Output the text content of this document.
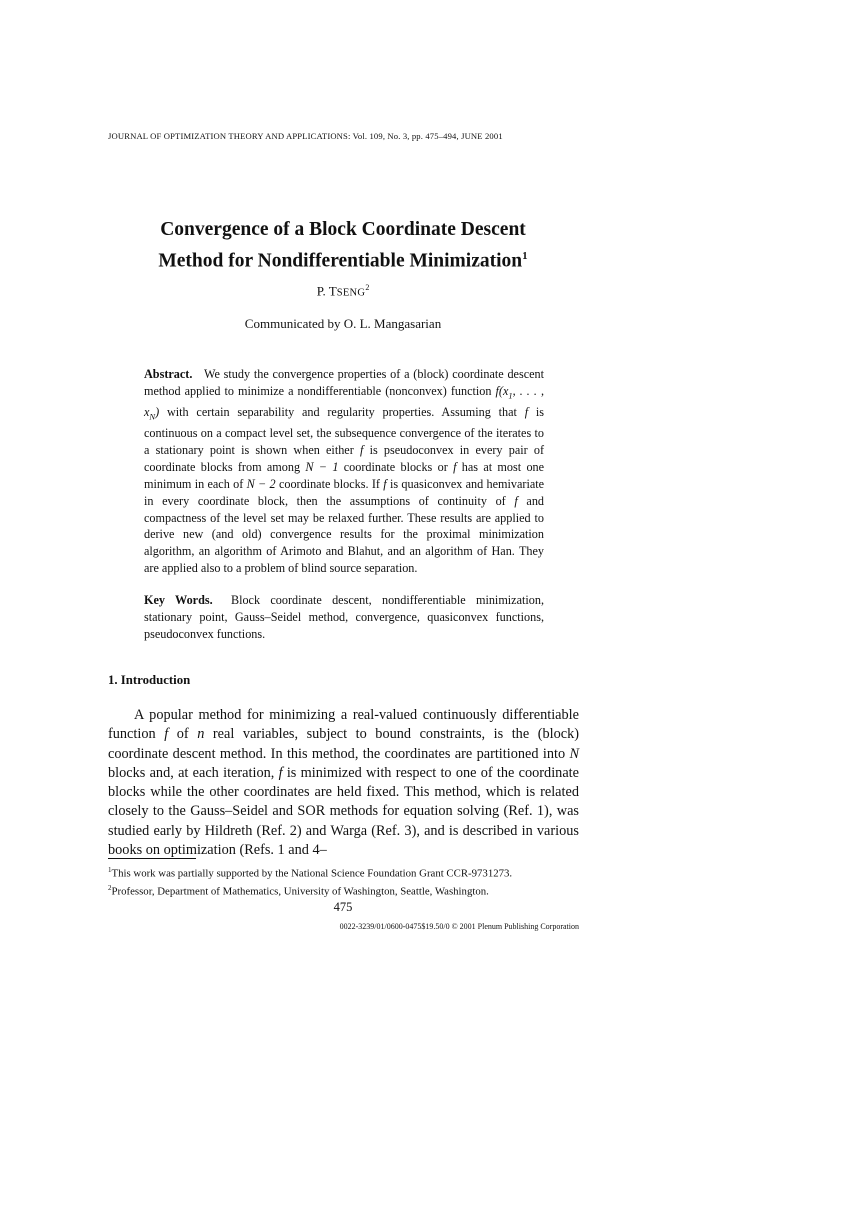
JOURNAL OF OPTIMIZATION THEORY AND APPLICATIONS: Vol. 109, No. 3, pp. 475–494, JUNE 2001
Convergence of a Block Coordinate Descent
Method for Nondifferentiable Minimization$^1$
P. TSENG$^2$
Communicated by O. L. Mangasarian
Abstract. We study the convergence properties of a (block) coordinate descent method applied to minimize a nondifferentiable (nonconvex) function $f(x_1$, . . . , $x_N$) with certain separability and regularity properties. Assuming that f is continuous on a compact level set, the subsequence convergence of the iterates to a stationary point is shown when either f is pseudoconvex in every pair of coordinate blocks from among N − 1 coordinate blocks or f has at most one minimum in each of N − 2 coordinate blocks. If f is quasiconvex and hemivariate in every coordinate block, then the assumptions of continuity of f and compactness of the level set may be relaxed further. These results are applied to derive new (and old) convergence results for the proximal minimization algorithm, an algorithm of Arimoto and Blahut, and an algorithm of Han. They are applied also to a problem of blind source separation.
Key Words. Block coordinate descent, nondifferentiable minimization, stationary point, Gauss–Seidel method, convergence, quasiconvex functions, pseudoconvex functions.
1. Introduction

A popular method for minimizing a real-valued continuously differentiable function f of n real variables, subject to bound constraints, is the (block) coordinate descent method. In this method, the coordinates are partitioned into N blocks and, at each iteration, f is minimized with respect to one of the coordinate blocks while the other coordinates are held fixed. This method, which is related closely to the Gauss–Seidel and SOR methods for equation solving (Ref. 1), was studied early by Hildreth (Ref. 2) and Warga (Ref. 3), and is described in various books on optimization (Refs. 1 and 4–

$^1$This work was partially supported by the National Science Foundation Grant CCR-9731273.
$^2$Professor, Department of Mathematics, University of Washington, Seattle, Washington.
475
0022-3239/01/0600-0475$19.50/0 © 2001 Plenum Publishing Corporation
